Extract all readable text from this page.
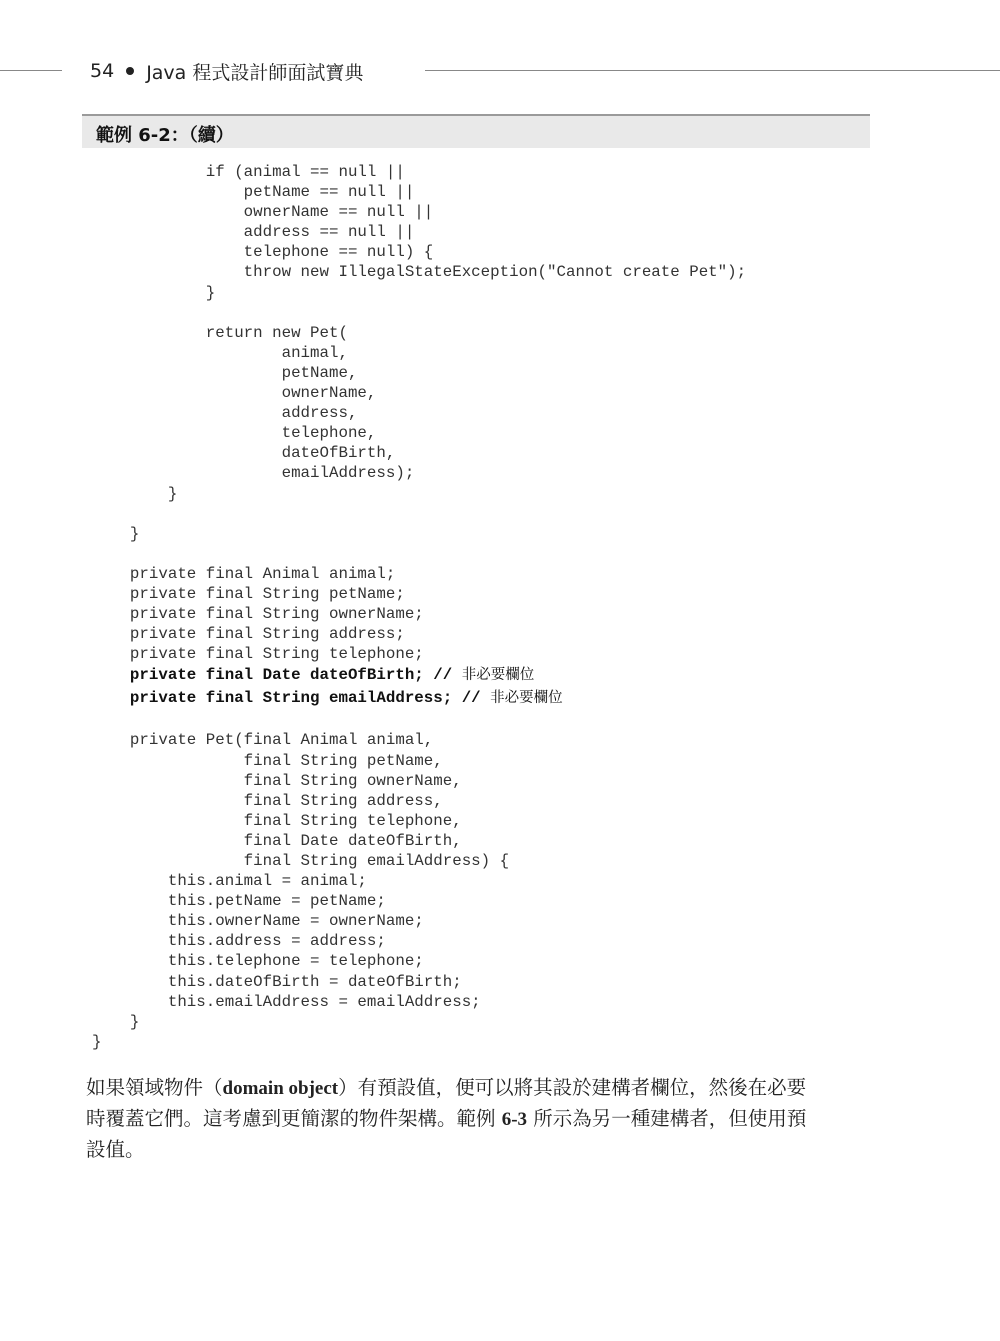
54 Java 程式設計師面試寶典
範例 6-2：（續）
if (animal == null ||
petName == null ||
ownerName == null ||
address == null ||
telephone == null) {
throw new IllegalStateException("Cannot create Pet");
}
return new Pet(
animal,
petName,
ownerName,
address,
telephone,
dateOfBirth,
emailAddress);
}
}
private final Animal animal;
private final String petName;
private final String ownerName;
private final String address;
private final String telephone;
private final Date dateOfBirth; // 非必要欄位
private final String emailAddress; // 非必要欄位
private Pet(final Animal animal,
final String petName,
final String ownerName,
final String address,
final String telephone,
final Date dateOfBirth,
final String emailAddress) {
this.animal = animal;
this.petName = petName;
this.ownerName = ownerName;
this.address = address;
this.telephone = telephone;
this.dateOfBirth = dateOfBirth;
this.emailAddress = emailAddress;
}
}
如果領域物件（domain object）有預設值，便可以將其設於建構者欄位，然後在必要
時覆蓋它們。這考慮到更簡潔的物件架構。範例 6-3 所示為另一種建構者，但使用預
設值。
